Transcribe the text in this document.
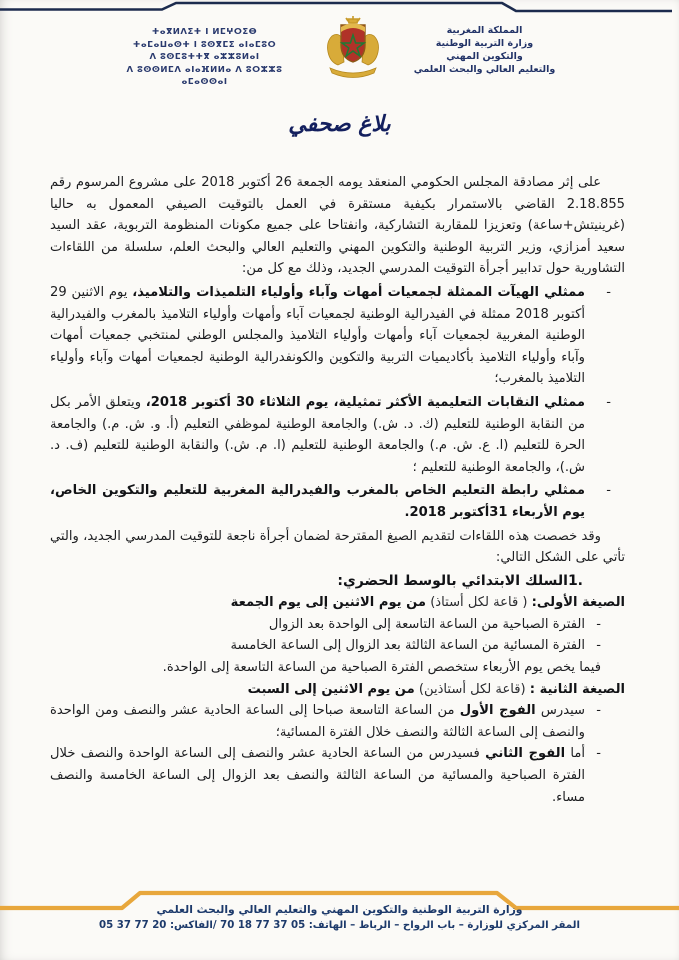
المملكة المغربية
وزارة التربية الوطنية
والتكوين المهني
والتعليم العالي والبحث العلمي
ⵜⴰⴳⵍⴷⵉⵜ ⵏ ⵍⵎⵖⵔⵉⴱ
ⵜⴰⵎⴰⵡⴰⵙⵜ ⵏ ⵓⵙⴳⵎⵉ ⴰⵏⴰⵎⵓⵔ
ⴷ ⵓⵙⵎⵓⵜⵜⴳ ⴰⵣⵣⵓⵍⴰⵏ
ⴷ ⵓⵙⵙⵍⵎⴷ ⴰⵏⴰⴼⵍⵍⴰ ⴷ ⵓⵔⵣⵣⵓ ⴰⵎⴰⵙⵙⴰⵏ
بلاغ صحفي

على إثر مصادقة المجلس الحكومي المنعقد يومه الجمعة 26 أكتوبر 2018 على مشروع المرسوم رقم 2.18.855 القاضي بالاستمرار بكيفية مستقرة في العمل بالتوقيت الصيفي المعمول به حاليا (غرينيتش+ساعة) وتعزيزا للمقاربة التشاركية، وانفتاحا على جميع مكونات المنظومة التربوية، عقد السيد سعيد أمزازي، وزير التربية الوطنية والتكوين المهني والتعليم العالي والبحث العلم، سلسلة من اللقاءات التشاورية حول تدابير أجرأة التوقيت المدرسي الجديد، وذلك مع كل من:

- ممثلي الهيآت الممثلة لجمعيات أمهات وآباء وأولياء التلميذات والتلاميذ، يوم الاثنين 29 أكتوبر 2018 ممثلة في الفيدرالية الوطنية لجمعيات آباء وأمهات وأولياء التلاميذ بالمغرب والفيدرالية الوطنية المغربية لجمعيات آباء وأمهات وأولياء التلاميذ والمجلس الوطني لمنتخبي جمعيات أمهات وآباء وأولياء التلاميذ بأكاديميات التربية والتكوين والكونفدرالية الوطنية لجمعيات أمهات وآباء وأولياء التلاميذ بالمغرب؛
- ممثلي النقابات التعليمية الأكثر تمثيلية، يوم الثلاثاء 30 أكتوبر 2018، ويتعلق الأمر بكل من النقابة الوطنية للتعليم (ك. د. ش.) والجامعة الوطنية لموظفي التعليم (أ. و. ش. م.) والجامعة الحرة للتعليم (ا. ع. ش. م.) والجامعة الوطنية للتعليم (ا. م. ش.) والنقابة الوطنية للتعليم (ف. د. ش.)، والجامعة الوطنية للتعليم ؛
- ممثلي رابطة التعليم الخاص بالمغرب والفيدرالية المغربية للتعليم والتكوين الخاص، يوم الأربعاء 31أكتوبر 2018.

وقد خصصت هذه اللقاءات لتقديم الصيغ المقترحة لضمان أجرأة ناجعة للتوقيت المدرسي الجديد، والتي تأتي على الشكل التالي:

1.السلك الابتدائي بالوسط الحضري:

الصيغة الأولى: ( قاعة لكل أستاذ) من يوم الاثنين إلى يوم الجمعة

- الفترة الصباحية من الساعة التاسعة إلى الواحدة بعد الزوال
- الفترة المسائية من الساعة الثالثة بعد الزوال إلى الساعة الخامسة

فيما يخص يوم الأربعاء ستخصص الفترة الصباحية من الساعة التاسعة إلى الواحدة.

الصيغة الثانية : (قاعة لكل أستاذين) من يوم الاثنين إلى السبت

- سيدرس الفوج الأول من الساعة التاسعة صباحا إلى الساعة الحادية عشر والنصف ومن الواحدة والنصف إلى الساعة الثالثة والنصف خلال الفترة المسائية؛
- أما الفوج الثاني فسيدرس من الساعة الحادية عشر والنصف إلى الساعة الواحدة والنصف خلال الفترة الصباحية والمسائية من الساعة الثالثة والنصف بعد الزوال إلى الساعة الخامسة والنصف مساء.
وزارة التربية الوطنية والتكوين المهني والتعليم العالي والبحث العلمي
المقر المركزي للوزارة – باب الرواح – الرباط – الهاتف: 70 18 77 37 05 /الفاكس: 05 37 77 20
